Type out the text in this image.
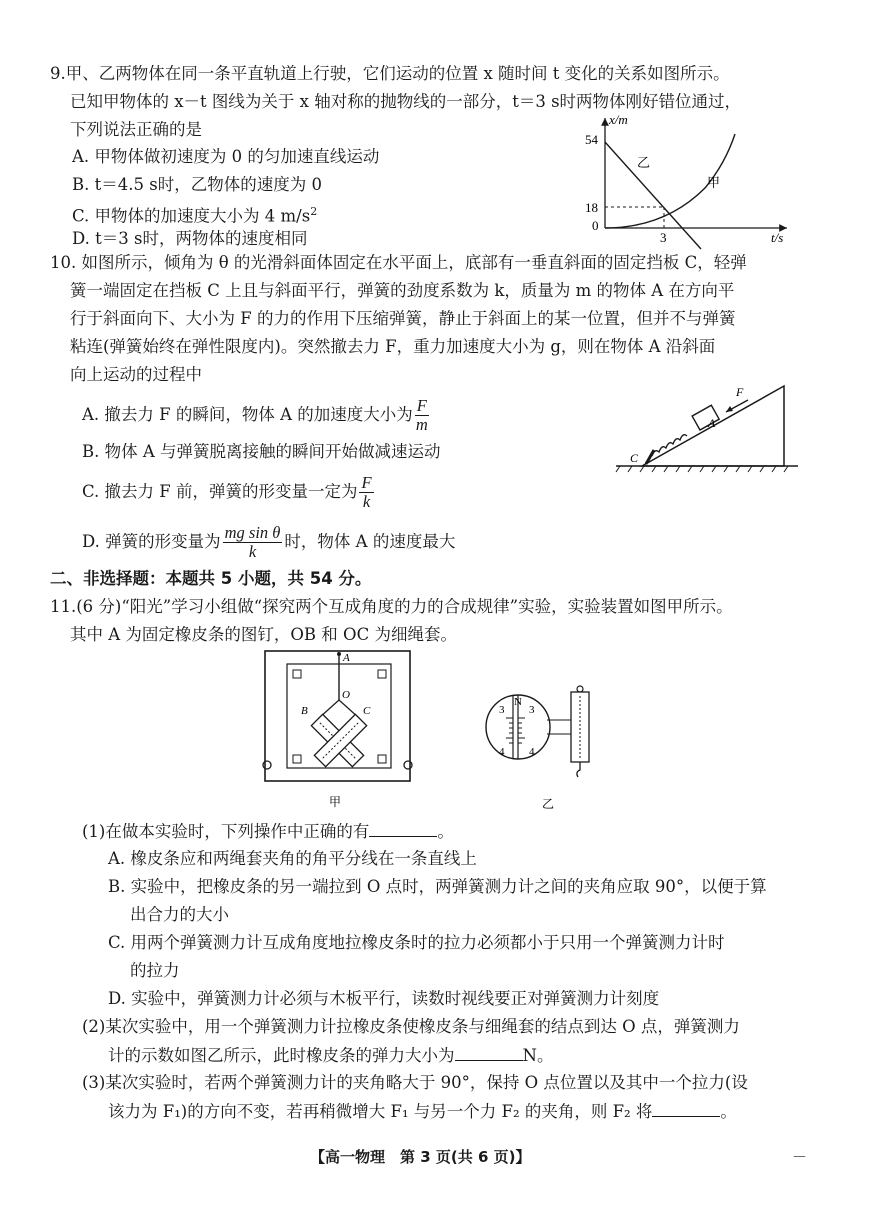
9.甲、乙两物体在同一条平直轨道上行驶，它们运动的位置 x 随时间 t 变化的关系如图所示。
已知甲物体的 x－t 图线为关于 x 轴对称的抛物线的一部分，t＝3 s时两物体刚好错位通过，
下列说法正确的是
A. 甲物体做初速度为 0 的匀加速直线运动
B. t＝4.5 s时，乙物体的速度为 0
C. 甲物体的加速度大小为 4 $m/s^2$
D. t＝3 s时，两物体的速度相同
x/m
t/s
54
18
0
3
乙
甲
10. 如图所示，倾角为 θ 的光滑斜面体固定在水平面上，底部有一垂直斜面的固定挡板 C，轻弹
簧一端固定在挡板 C 上且与斜面平行，弹簧的劲度系数为 k，质量为 m 的物体 A 在方向平
行于斜面向下、大小为 F 的力的作用下压缩弹簧，静止于斜面上的某一位置，但并不与弹簧
粘连(弹簧始终在弹性限度内)。突然撤去力 F，重力加速度大小为 g，则在物体 A 沿斜面
向上运动的过程中
A. 撤去力 F 的瞬间，物体 A 的加速度大小为 $\frac{F}{m}$
B. 物体 A 与弹簧脱离接触的瞬间开始做减速运动
C. 撤去力 F 前，弹簧的形变量一定为 $\frac{F}{k}$
D. 弹簧的形变量为 $\frac{\text{mg sin θ}}{k}$ 时，物体 A 的速度最大
A
F
C
二、非选择题：本题共 5 小题，共 54 分。
11.(6 分)“阳光”学习小组做“探究两个互成角度的力的合成规律”实验，实验装置如图甲所示。
其中 A 为固定橡皮条的图钉，OB 和 OC 为细绳套。
A
O
B	C
甲
N
3 3
4 4
乙
(1)在做本实验时，下列操作中正确的有	。
A. 橡皮条应和两绳套夹角的角平分线在一条直线上
B. 实验中，把橡皮条的另一端拉到 O 点时，两弹簧测力计之间的夹角应取 90°，以便于算
出合力的大小
C. 用两个弹簧测力计互成角度地拉橡皮条时的拉力必须都小于只用一个弹簧测力计时
的拉力
D. 实验中，弹簧测力计必须与木板平行，读数时视线要正对弹簧测力计刻度
(2)某次实验中，用一个弹簧测力计拉橡皮条使橡皮条与细绳套的结点到达 O 点，弹簧测力
计的示数如图乙所示，此时橡皮条的弹力大小为	N。
(3)某次实验时，若两个弹簧测力计的夹角略大于 90°，保持 O 点位置以及其中一个拉力(设
该力为 F₁)的方向不变，若再稍微增大 F₁ 与另一个力 F₂ 的夹角，则 F₂ 将	。
【高一物理　第 3 页(共 6 页)】	－
